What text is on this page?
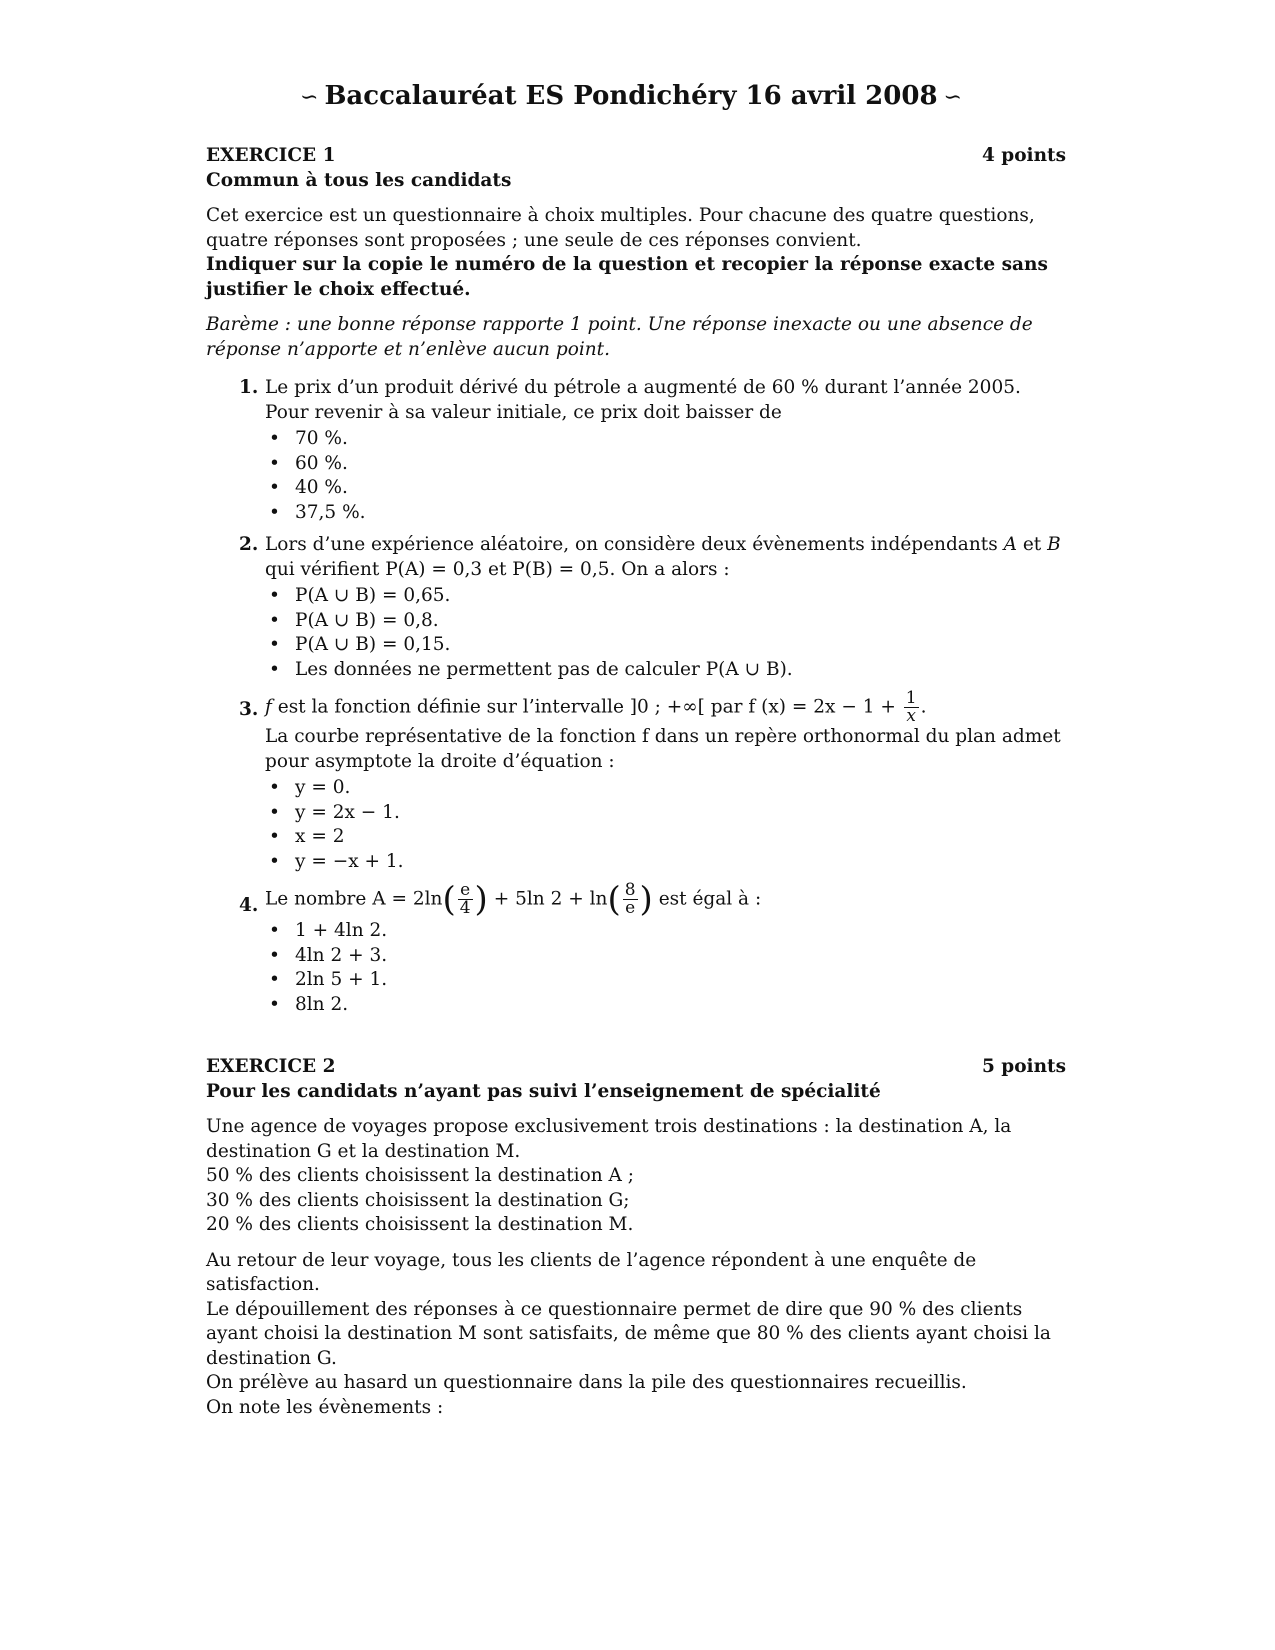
∽ Baccalauréat ES Pondichéry 16 avril 2008 ∽
EXERCICE 1	4 points

Commun à tous les candidats

Cet exercice est un questionnaire à choix multiples. Pour chacune des quatre questions, quatre réponses sont proposées ; une seule de ces réponses convient.

Indiquer sur la copie le numéro de la question et recopier la réponse exacte sans justifier le choix effectué.

Barème : une bonne réponse rapporte 1 point. Une réponse inexacte ou une absence de réponse n’apporte et n’enlève aucun point.

1. Le prix d’un produit dérivé du pétrole a augmenté de 60 % durant l’année 2005. Pour revenir à sa valeur initiale, ce prix doit baisser de
• 70 %.
• 60 %.
• 40 %.
• 37,5 %.
2. Lors d’une expérience aléatoire, on considère deux évènements indépendants A et B qui vérifient P(A) = 0,3 et P(B) = 0,5. On a alors :
• P(A ∪ B) = 0,65.
• P(A ∪ B) = 0,8.
• P(A ∪ B) = 0,15.
• Les données ne permettent pas de calculer P(A ∪ B).
3. f est la fonction définie sur l’intervalle ]0 ; +∞[ par f $(x) = 2x - 1 + \frac{1}{x}$ .

La courbe représentative de la fonction f dans un repère orthonormal du plan admet pour asymptote la droite d’équation :

• y = 0.
• y = 2x − 1.
• x = 2
• y = −x + 1.
4. Le nombre $A = 2\ln( \frac{e}{4}$ ) + 5ln $2 + \ln( \frac{8}{e}$ ) est égal à :
• 1 + 4ln 2.
• 4ln 2 + 3.
• 2ln 5 + 1.
• 8ln 2.
EXERCICE 2	5 points

Pour les candidats n’ayant pas suivi l’enseignement de spécialité

Une agence de voyages propose exclusivement trois destinations : la destination A, la destination G et la destination M.

50 % des clients choisissent la destination A ;

30 % des clients choisissent la destination G;

20 % des clients choisissent la destination M.

Au retour de leur voyage, tous les clients de l’agence répondent à une enquête de satisfaction.

Le dépouillement des réponses à ce questionnaire permet de dire que 90 % des clients ayant choisi la destination M sont satisfaits, de même que 80 % des clients ayant choisi la destination G.

On prélève au hasard un questionnaire dans la pile des questionnaires recueillis.

On note les évènements :
